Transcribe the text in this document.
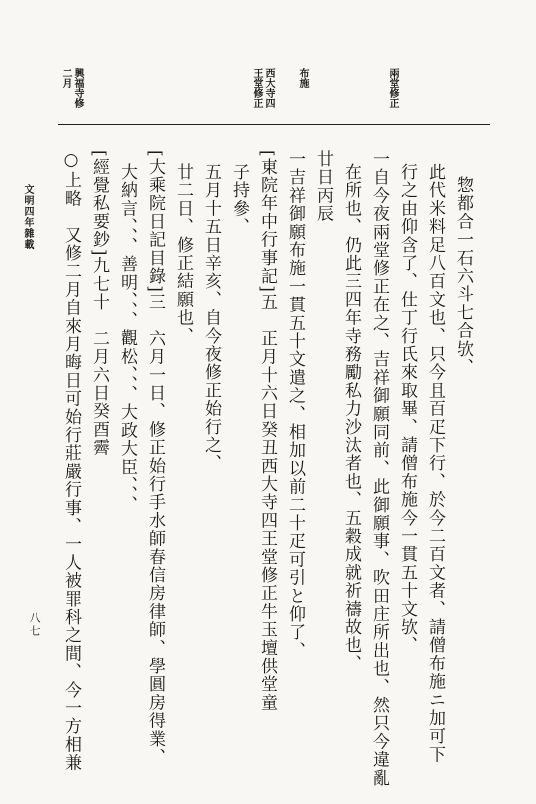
兩堂修正
布施
西大寺四
王堂修正
興福寺修
二月
惣都合一石六斗七合欤、
此代米料足八百文也、只今且百疋下行、於今二百文者、請僧布施ニ加可下
行之由仰含了、仕丁行氏來取畢、請僧布施今一貫五十文欤、
一自今夜兩堂修正在之、吉祥御願同前、此御願事、吹田庄所出也、然只今違亂
在所也、仍此三四年寺務勵私力沙汰者也、五穀成就祈禱故也、
廿日丙辰
一吉祥御願布施一貫五十文遣之、相加以前二十疋可引と仰了、
[東院年中行事記]五　正月十六日癸丑西大寺四王堂修正牛玉壇供堂童
子持參、
五月十五日辛亥、自今夜修正始行之、
廿二日、修正結願也、
[大乘院日記目錄]三　六月一日、修正始行手水師春信房律師、學圓房得業、
大納言、、、善明、、、觀松、、、大政大臣、、、
[經覺私要鈔]九七十　二月六日癸酉霽
○上略　又修二月自來月晦日可始行莊嚴行事、一人被罪科之間、今一方相兼
文明四年雜載
八七
